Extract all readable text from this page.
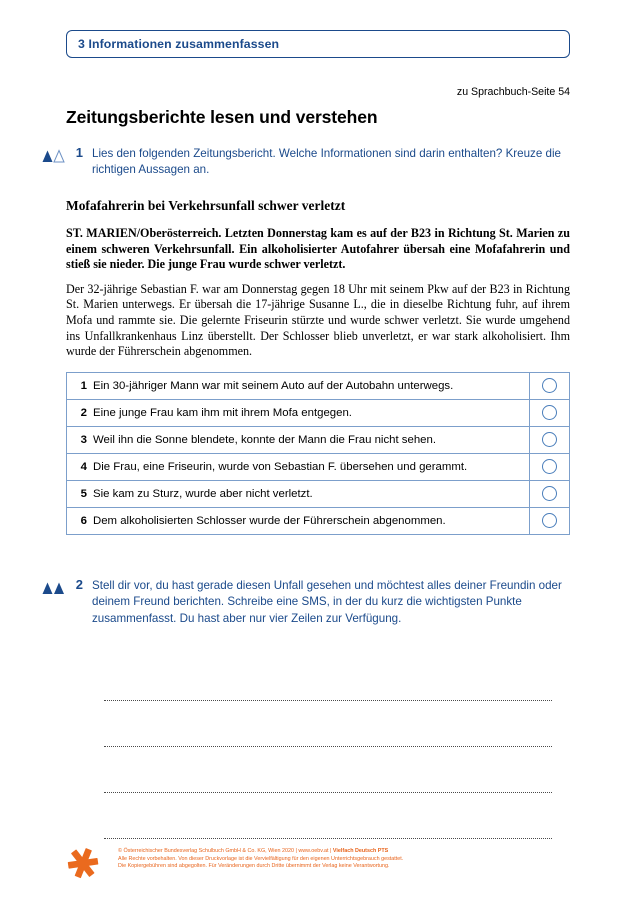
3 Informationen zusammenfassen
zu Sprachbuch-Seite 54
Zeitungsberichte lesen und verstehen
1 Lies den folgenden Zeitungsbericht. Welche Informationen sind darin enthalten? Kreuze die richtigen Aussagen an.
Mofafahrerin bei Verkehrsunfall schwer verletzt
ST. MARIEN/Oberösterreich. Letzten Donnerstag kam es auf der B23 in Richtung St. Marien zu einem schweren Verkehrsunfall. Ein alkoholisierter Autofahrer übersah eine Mofafahrerin und stieß sie nieder. Die junge Frau wurde schwer verletzt.
Der 32-jährige Sebastian F. war am Donnerstag gegen 18 Uhr mit seinem Pkw auf der B23 in Richtung St. Marien unterwegs. Er übersah die 17-jährige Susanne L., die in dieselbe Richtung fuhr, auf ihrem Mofa und rammte sie. Die gelernte Friseurin stürzte und wurde schwer verletzt. Sie wurde umgehend ins Unfallkrankenhaus Linz überstellt. Der Schlosser blieb unverletzt, er war stark alkoholisiert. Ihm wurde der Führerschein abgenommen.
1	Ein 30-jähriger Mann war mit seinem Auto auf der Autobahn unterwegs.	
2	Eine junge Frau kam ihm mit ihrem Mofa entgegen.	
3	Weil ihn die Sonne blendete, konnte der Mann die Frau nicht sehen.	
4	Die Frau, eine Friseurin, wurde von Sebastian F. übersehen und gerammt.	
5	Sie kam zu Sturz, wurde aber nicht verletzt.	
6	Dem alkoholisierten Schlosser wurde der Führerschein abgenommen.	
2 Stell dir vor, du hast gerade diesen Unfall gesehen und möchtest alles deiner Freundin oder deinem Freund berichten. Schreibe eine SMS, in der du kurz die wichtigsten Punkte zusammenfasst. Du hast aber nur vier Zeilen zur Verfügung.
© Österreichischer Bundesverlag Schulbuch GmbH & Co. KG, Wien 2020 | www.oebv.at | Vielfach Deutsch PTS
Alle Rechte vorbehalten. Von dieser Druckvorlage ist die Vervielfältigung für den eigenen Unterrichtsgebrauch gestattet.
Die Kopiergebühren sind abgegolten. Für Veränderungen durch Dritte übernimmt der Verlag keine Verantwortung.
